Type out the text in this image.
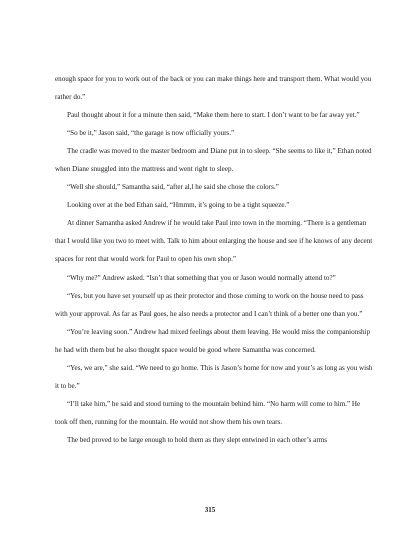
enough space for you to work out of the back or you can make things here and transport them. What would you rather do.”

Paul thought about it for a minute then said, “Make them here to start. I don’t want to be far away yet.”

“So be it,” Jason said, “the garage is now officially yours.”

The cradle was moved to the master bedroom and Diane put in to sleep. “She seems to like it,” Ethan noted when Diane snuggled into the mattress and went right to sleep.

“Well she should,” Samantha said, “after al,l he said she chose the colors.”

Looking over at the bed Ethan said, “Hmmm, it’s going to be a tight squeeze.”

At dinner Samantha asked Andrew if he would take Paul into town in the morning. “There is a gentleman that I would like you two to meet with. Talk to him about enlarging the house and see if he knows of any decent spaces for rent that would work for Paul to open his own shop.”

“Why me?” Andrew asked. “Isn’t that something that you or Jason would normally attend to?”

“Yes, but you have set yourself up as their protector and those coming to work on the house need to pass with your approval. As far as Paul goes, he also needs a protector and I can’t think of a better one than you.”

“You’re leaving soon.” Andrew had mixed feelings about them leaving. He would miss the companionship he had with them but he also thought space would be good where Samantha was concerned.

“Yes, we are,” she said. “We need to go home. This is Jason’s home for now and your’s as long as you wish it to be.”

“I’ll take him,” he said and stood turning to the mountain behind him. “No harm will come to him.” He took off then, running for the mountain. He would not show them his own tears.

The bed proved to be large enough to hold them as they slept entwined in each other’s arms

315
